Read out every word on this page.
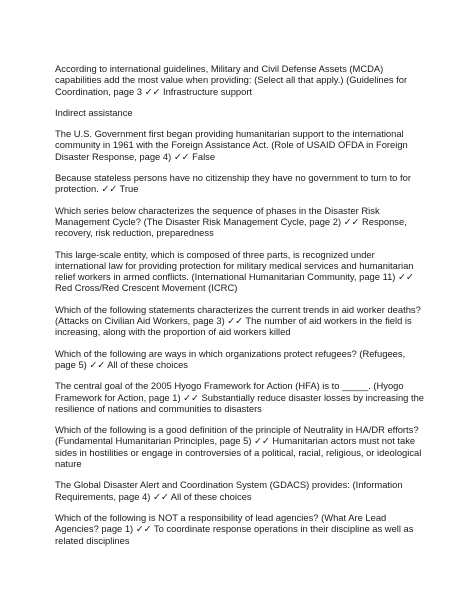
According to international guidelines, Military and Civil Defense Assets (MCDA) capabilities add the most value when providing: (Select all that apply.) (Guidelines for Coordination, page 3 ✓✓ Infrastructure support

Indirect assistance

The U.S. Government first began providing humanitarian support to the international community in 1961 with the Foreign Assistance Act. (Role of USAID OFDA in Foreign Disaster Response, page 4) ✓✓ False

Because stateless persons have no citizenship they have no government to turn to for protection. ✓✓ True

Which series below characterizes the sequence of phases in the Disaster Risk Management Cycle? (The Disaster Risk Management Cycle, page 2) ✓✓ Response, recovery, risk reduction, preparedness

This large-scale entity, which is composed of three parts, is recognized under international law for providing protection for military medical services and humanitarian relief workers in armed conflicts. (International Humanitarian Community, page 11) ✓✓ Red Cross/Red Crescent Movement (ICRC)

Which of the following statements characterizes the current trends in aid worker deaths? (Attacks on Civilian Aid Workers, page 3) ✓✓ The number of aid workers in the field is increasing, along with the proportion of aid workers killed

Which of the following are ways in which organizations protect refugees? (Refugees, page 5) ✓✓ All of these choices

The central goal of the 2005 Hyogo Framework for Action (HFA) is to _____. (Hyogo Framework for Action, page 1) ✓✓ Substantially reduce disaster losses by increasing the resilience of nations and communities to disasters

Which of the following is a good definition of the principle of Neutrality in HA/DR efforts? (Fundamental Humanitarian Principles, page 5) ✓✓ Humanitarian actors must not take sides in hostilities or engage in controversies of a political, racial, religious, or ideological nature

The Global Disaster Alert and Coordination System (GDACS) provides: (Information Requirements, page 4) ✓✓ All of these choices

Which of the following is NOT a responsibility of lead agencies? (What Are Lead Agencies? page 1) ✓✓ To coordinate response operations in their discipline as well as related disciplines
